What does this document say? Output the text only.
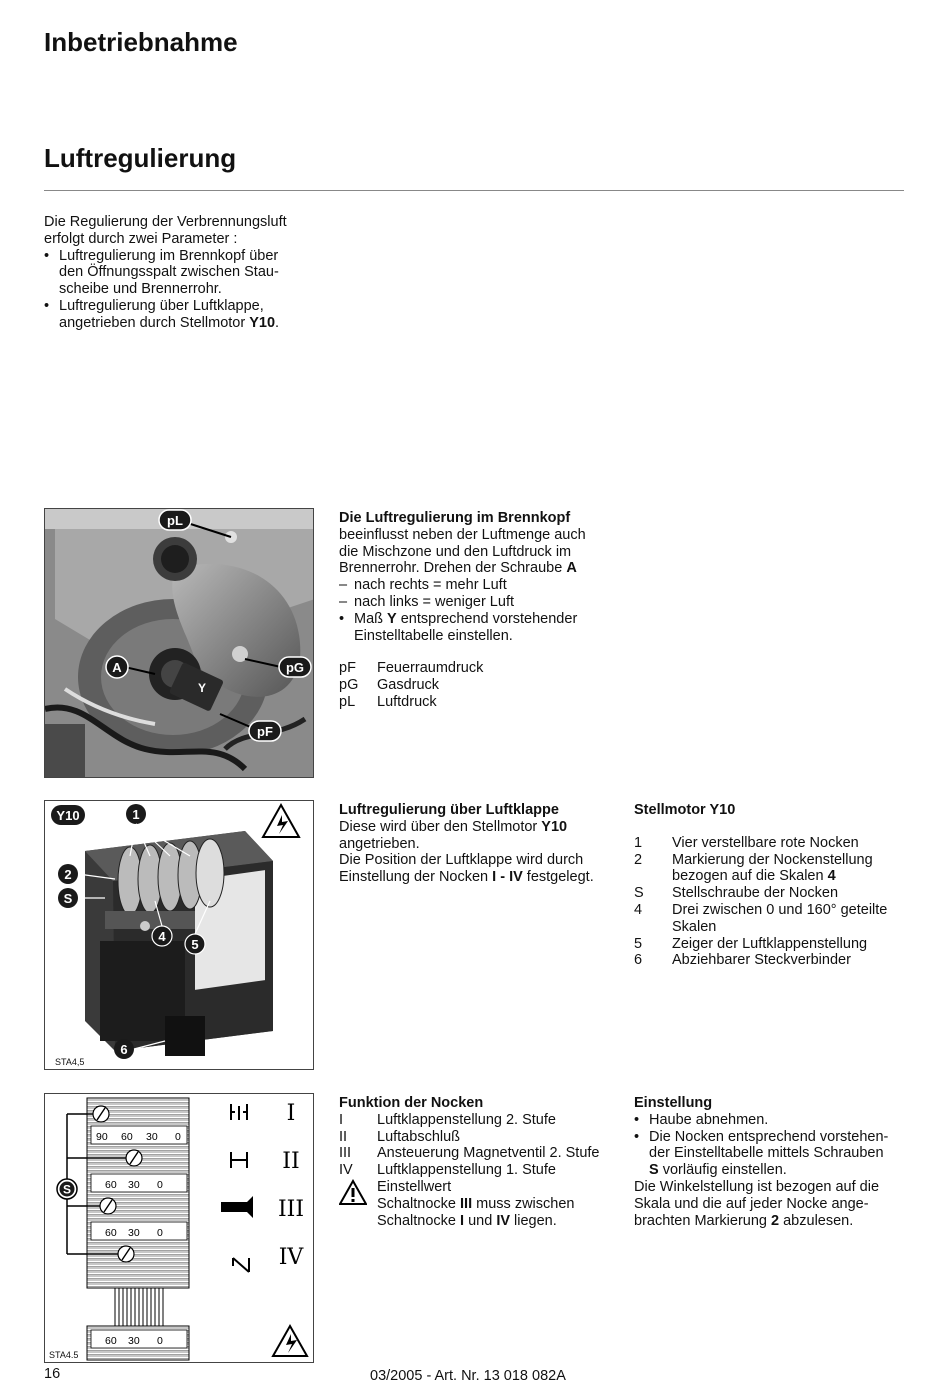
Inbetriebnahme
Luftregulierung
Die Regulierung der Verbrennungsluft
erfolgt durch zwei Parameter :
• Luftregulierung im Brennkopf über
den Öffnungsspalt zwischen Stau-
scheibe und Brennerrohr.
• Luftregulierung über Luftklappe,
angetrieben durch Stellmotor Y10.
pL
A	pG
pF
Y
Die Luftregulierung im Brennkopf
beeinflusst neben der Luftmenge auch
die Mischzone und den Luftdruck im
Brennerrohr. Drehen der Schraube A
– nach rechts = mehr Luft
– nach links = weniger Luft
• Maß Y entsprechend vorstehender
Einstelltabelle einstellen.
pF	Feuerraumdruck
pG	Gasdruck
pL	Luftdruck
Y10	1
2
S
4
5
6
STA4,5
Luftregulierung über Luftklappe
Diese wird über den Stellmotor Y10
angetrieben.
Die Position der Luftklappe wird durch
Einstellung der Nocken I - IV festgelegt.
Stellmotor Y10
1	Vier verstellbare rote Nocken
2	Markierung der Nockenstellung
bezogen auf die Skalen 4
S	Stellschraube der Nocken
4	Drei zwischen 0 und 160° geteilte
Skalen
5	Zeiger der Luftklappenstellung
6	Abziehbarer Steckverbinder
90 60 30 0
60 30 0
60 30 0
S
60 30 0
I
II
III
IV
STA4.5
Funktion der Nocken
I	Luftklappenstellung 2. Stufe
II	Luftabschluß
III	Ansteuerung Magnetventil 2. Stufe
IV	Luftklappenstellung 1. Stufe
Einstellwert
Schaltnocke III muss zwischen
Schaltnocke I und IV liegen.
Einstellung
• Haube abnehmen.
• Die Nocken entsprechend vorstehen-
der Einstelltabelle mittels Schrauben
S vorläufig einstellen.
Die Winkelstellung ist bezogen auf die
Skala und die auf jeder Nocke ange-
brachten Markierung 2 abzulesen.
16	03/2005 - Art. Nr. 13 018 082A
